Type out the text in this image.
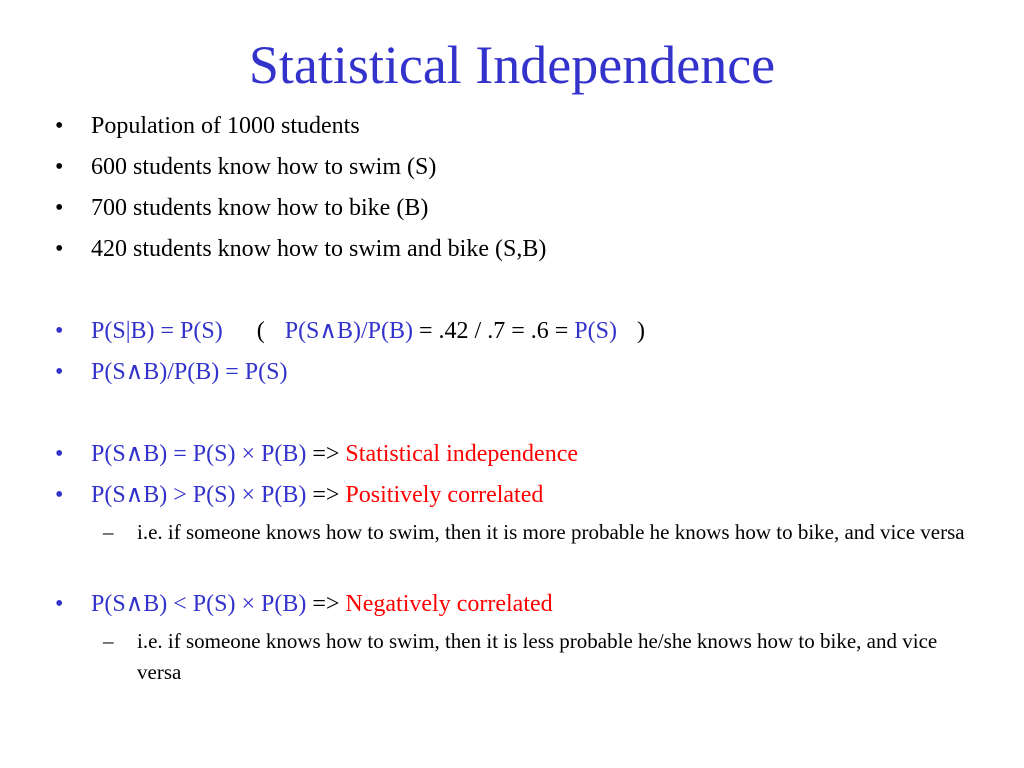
Statistical Independence
• Population of 1000 students
• 600 students know how to swim (S)
• 700 students know how to bike (B)
• 420 students know how to swim and bike (S,B)
• P(S|B) = P(S) ( P(S∧B)/P(B) = .42 / .7 = .6 = P(S) )
• P(S∧B)/P(B) = P(S)
• P(S∧B) = P(S) × P(B) => Statistical independence
• P(S∧B) > P(S) × P(B) => Positively correlated
– i.e. if someone knows how to swim, then it is more probable he knows how to bike, and vice versa
• P(S∧B) < P(S) × P(B) => Negatively correlated
– i.e. if someone knows how to swim, then it is less probable he/she knows how to bike, and vice versa
